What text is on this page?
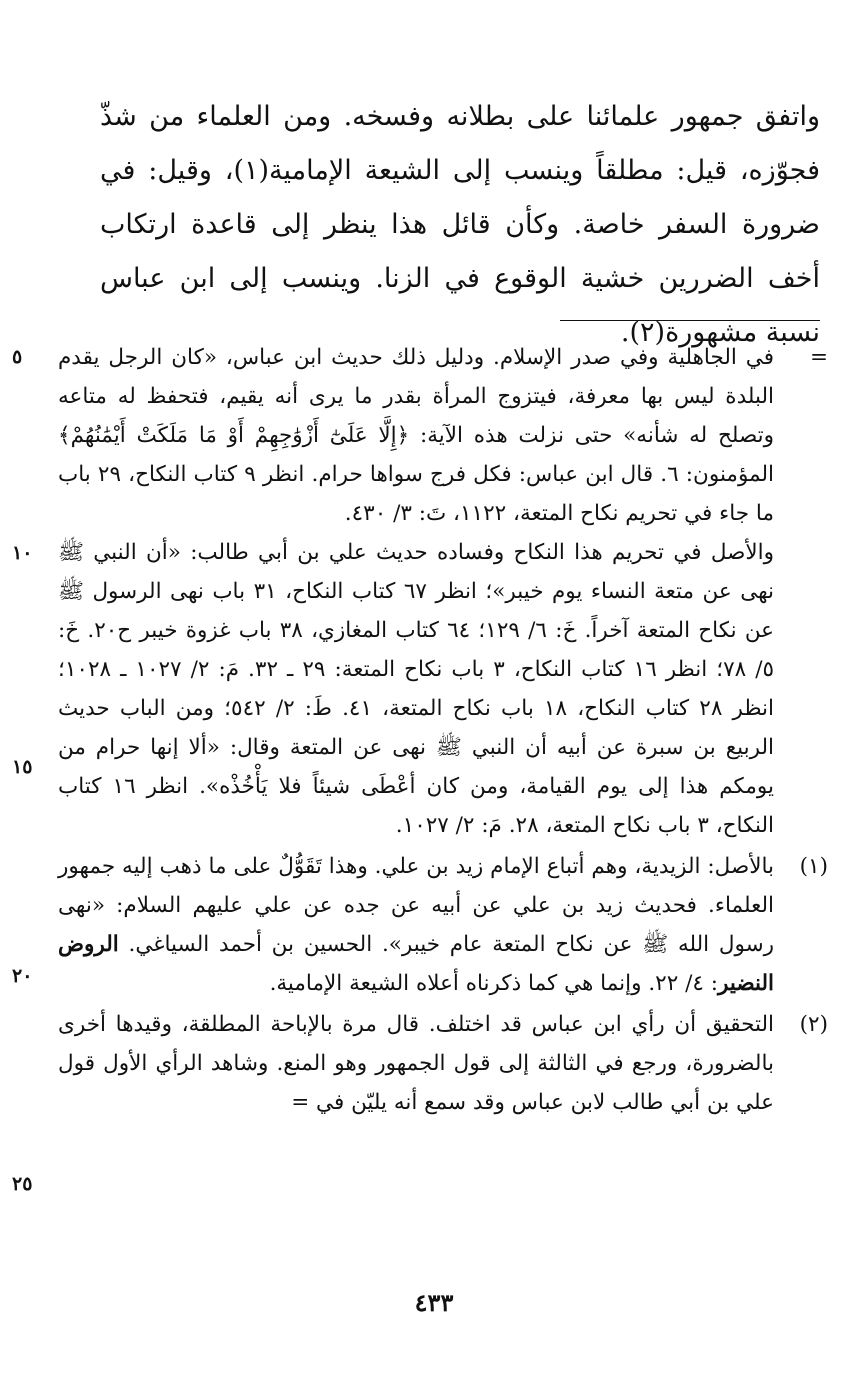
واتفق جمهور علمائنا على بطلانه وفسخه. ومن العلماء من شذّ فجوّزه، قيل: مطلقاً وينسب إلى الشيعة الإمامية(١)، وقيل: في ضرورة السفر خاصة. وكأن قائل هذا ينظر إلى قاعدة ارتكاب أخف الضررين خشية الوقوع في الزنا. وينسب إلى ابن عباس نسبة مشهورة(٢).

=

في الجاهلية وفي صدر الإسلام. ودليل ذلك حديث ابن عباس، «كان الرجل يقدم البلدة ليس بها معرفة، فيتزوج المرأة بقدر ما يرى أنه يقيم، فتحفظ له متاعه وتصلح له شأنه» حتى نزلت هذه الآية: ﴿إِلَّا عَلَىٰٓ أَزْوَٰجِهِمْ أَوْ مَا مَلَكَتْ أَيْمَٰنُهُمْ﴾ المؤمنون: ٦. قال ابن عباس: فكل فرج سواها حرام. انظر ٩ كتاب النكاح، ٢٩ باب ما جاء في تحريم نكاح المتعة، ١١٢٢، تَ: ٣/ ٤٣٠.

والأصل في تحريم هذا النكاح وفساده حديث علي بن أبي طالب: «أن النبي ﷺ نهى عن متعة النساء يوم خيبر»؛ انظر ٦٧ كتاب النكاح، ٣١ باب نهى الرسول ﷺ عن نكاح المتعة آخراً. خَ: ٦/ ١٢٩؛ ٦٤ كتاب المغازي، ٣٨ باب غزوة خيبر ح٢٠. خَ: ٥/ ٧٨؛ انظر ١٦ كتاب النكاح، ٣ باب نكاح المتعة: ٢٩ ـ ٣٢. مَ: ٢/ ١٠٢٧ ـ ١٠٢٨؛ انظر ٢٨ كتاب النكاح، ١٨ باب نكاح المتعة، ٤١. طَ: ٢/ ٥٤٢؛ ومن الباب حديث الربيع بن سبرة عن أبيه أن النبي ﷺ نهى عن المتعة وقال: «ألا إنها حرام من يومكم هذا إلى يوم القيامة، ومن كان أعْطَى شيئاً فلا يَأْخُذْه». انظر ١٦ كتاب النكاح، ٣ باب نكاح المتعة، ٢٨. مَ: ٢/ ١٠٢٧.

(١)
بالأصل: الزيدية، وهم أتباع الإمام زيد بن علي. وهذا تَقَوُّلٌ على ما ذهب إليه جمهور العلماء. فحديث زيد بن علي عن أبيه عن جده عن علي عليهم السلام: «نهى رسول الله ﷺ عن نكاح المتعة عام خيبر». الحسين بن أحمد السياغي. الروض النضير: ٤/ ٢٢. وإنما هي كما ذكرناه أعلاه الشيعة الإمامية.
(٢)
التحقيق أن رأي ابن عباس قد اختلف. قال مرة بالإباحة المطلقة، وقيدها أخرى بالضرورة، ورجع في الثالثة إلى قول الجمهور وهو المنع. وشاهد الرأي الأول قول علي بن أبي طالب لابن عباس وقد سمع أنه يليّن في =
٥
١٠
١٥
٢٠
٢٥
٤٣٣
